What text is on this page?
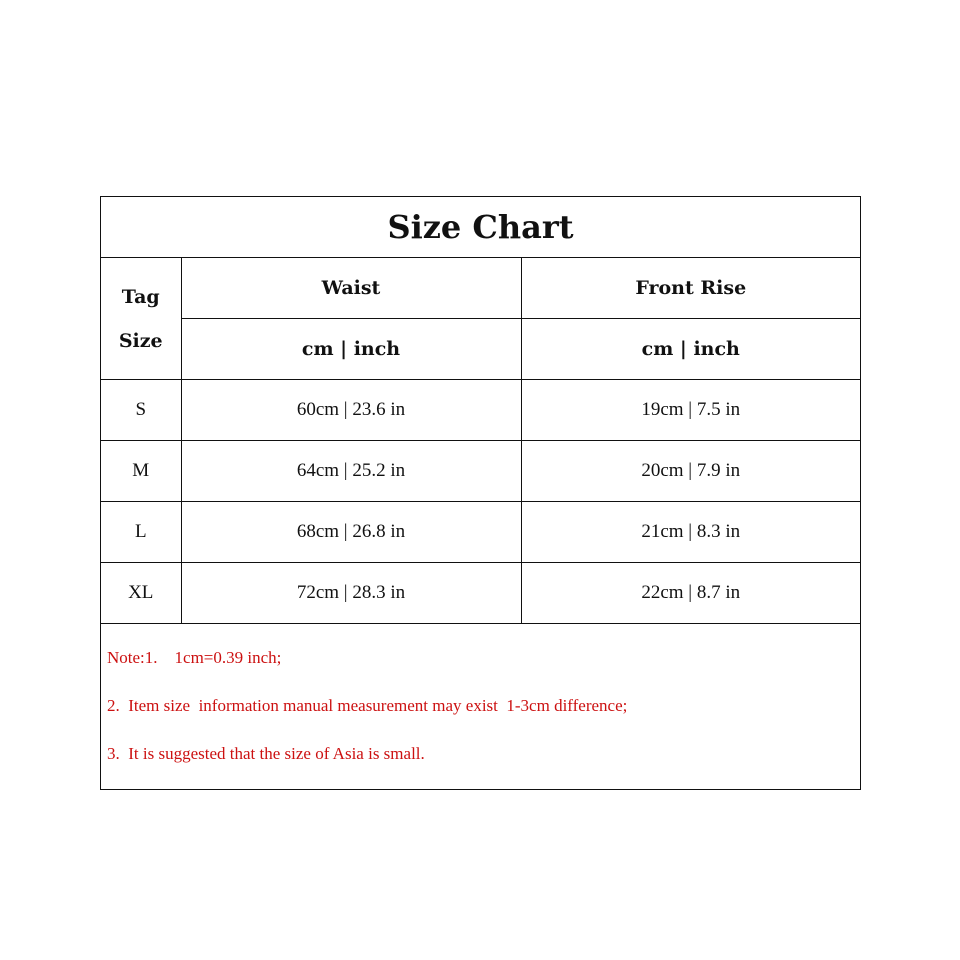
Size Chart
Tag
Size	Waist	Front Rise
	cm | inch	cm | inch
S	60cm | 23.6 in	19cm | 7.5 in
M	64cm | 25.2 in	20cm | 7.9 in
L	68cm | 26.8 in	21cm | 8.3 in
XL	72cm | 28.3 in	22cm | 8.7 in
Note:1.    1cm=0.39 inch;
2.  Item size  information manual measurement may exist  1-3cm difference;
3.  It is suggested that the size of Asia is small.
